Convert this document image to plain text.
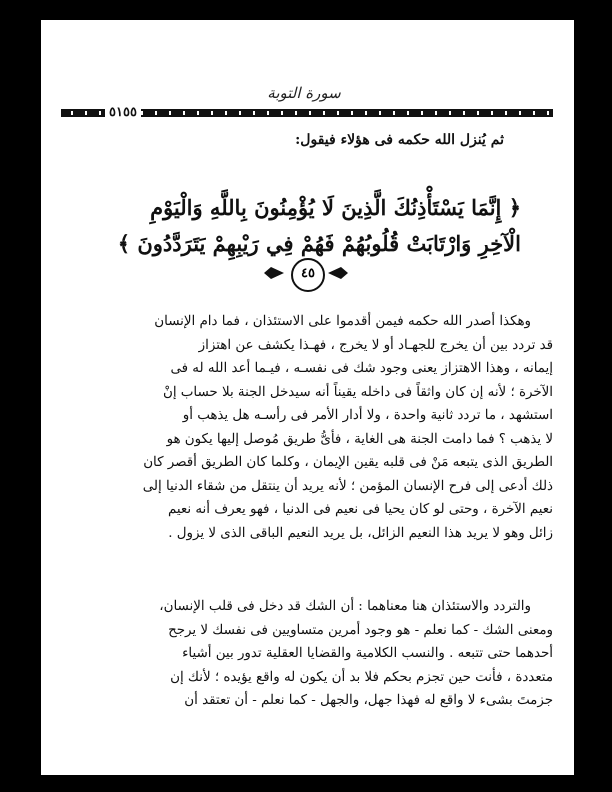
سورة التوبة
٥١٥٥
ثم يُنزل الله حكمه فى هؤلاء فيقول:
﴿ إِنَّمَا يَسْتَأْذِنُكَ الَّذِينَ لَا يُؤْمِنُونَ بِاللَّهِ وَالْيَوْمِ
الْآخِرِ وَارْتَابَتْ قُلُوبُهُمْ فَهُمْ فِي رَيْبِهِمْ يَتَرَدَّدُونَ ﴾
٤٥
وهكذا أصدر الله حكمه فيمن أقدموا على الاستئذان ، فما دام الإنسان
قد تردد بين أن يخرج للجهـاد أو لا يخرج ، فهـذا يكشف عن اهتزاز
إيمانه ، وهذا الاهتزاز يعنى وجود شك فى نفسـه ، فيـما أعد الله له فى
الآخرة ؛ لأنه إن كان واثقاً فى داخله يقيناً أنه سيدخل الجنة بلا حساب إنْ
استشهد ، ما تردد ثانية واحدة ، ولا أدار الأمر فى رأسـه هل يذهب أو
لا يذهب ؟ فما دامت الجنة هى الغاية ، فأىُّ طريق مُوصل إليها يكون هو
الطريق الذى يتبعه مَنْ فى قلبه يقين الإيمان ، وكلما كان الطريق أقصر كان
ذلك أدعى إلى فرح الإنسان المؤمن ؛ لأنه يريد أن ينتقل من شقاء الدنيا إلى
نعيم الآخرة ، وحتى لو كان يحيا فى نعيم فى الدنيا ، فهو يعرف أنه نعيم
زائل وهو لا يريد هذا النعيم الزائل، بل يريد النعيم الباقى الذى لا يزول .
والتردد والاستئذان هنا معناهما : أن الشك قد دخل فى قلب الإنسان،
ومعنى الشك - كما نعلم - هو وجود أمرين متساويين فى نفسك لا يرجح
أحدهما حتى تتبعه . والنسب الكلامية والقضايا العقلية تدور بين أشياء
متعددة ، فأنت حين تجزم بحكم فلا بد أن يكون له واقع يؤيده ؛ لأنك إن
جزمتَ بشىء لا واقع له فهذا جهل، والجهل - كما نعلم - أن تعتقد أن
